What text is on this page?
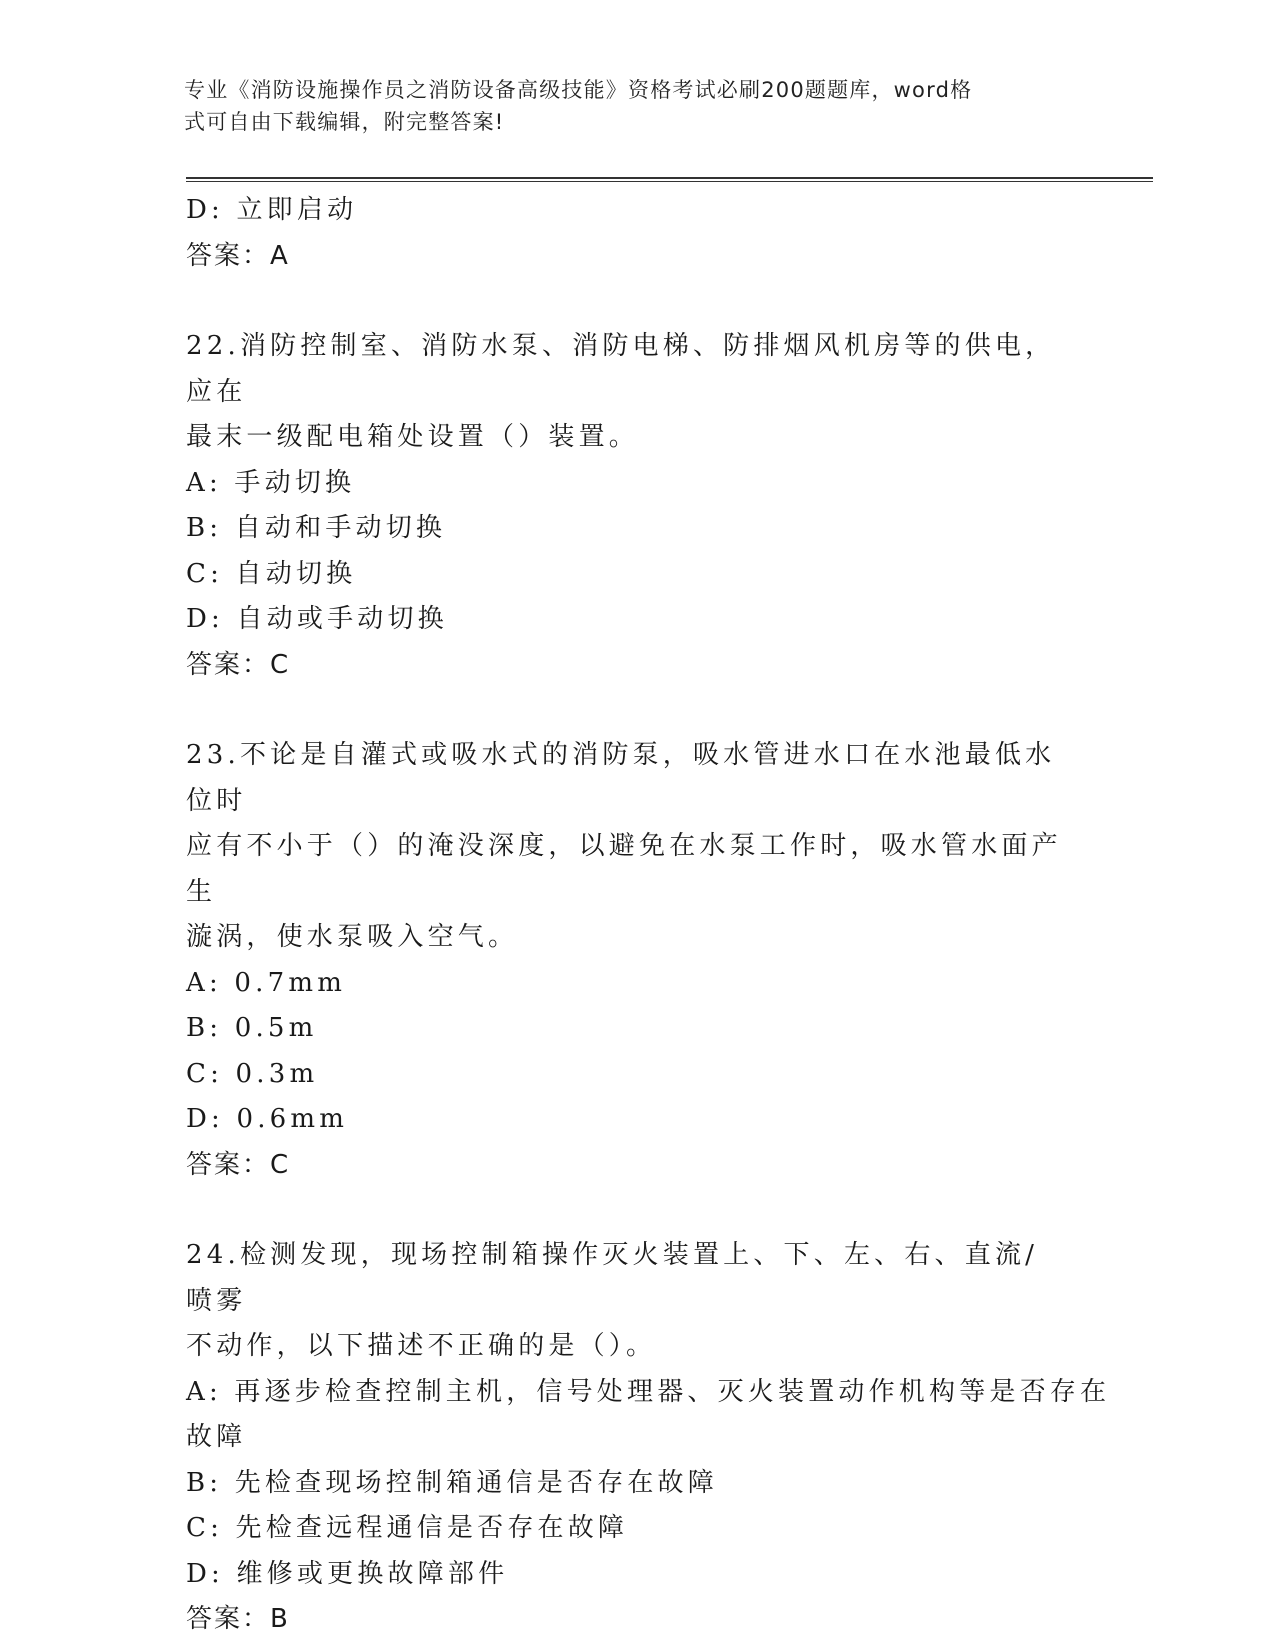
专业《消防设施操作员之消防设备高级技能》资格考试必刷200题题库，word格
式可自由下载编辑，附完整答案!
D: 立即启动
答案：A
22.消防控制室、消防水泵、消防电梯、防排烟风机房等的供电，应在
最末一级配电箱处设置（）装置。
A: 手动切换
B: 自动和手动切换
C: 自动切换
D: 自动或手动切换
答案：C
23.不论是自灌式或吸水式的消防泵，吸水管进水口在水池最低水位时
应有不小于（）的淹没深度，以避免在水泵工作时，吸水管水面产生
漩涡，使水泵吸入空气。
A: 0.7mm
B: 0.5m
C: 0.3m
D: 0.6mm
答案：C
24.检测发现，现场控制箱操作灭火装置上、下、左、右、直流/喷雾
不动作，以下描述不正确的是（）。
A: 再逐步检查控制主机，信号处理器、灭火装置动作机构等是否存在
故障
B: 先检查现场控制箱通信是否存在故障
C: 先检查远程通信是否存在故障
D: 维修或更换故障部件
答案：B
